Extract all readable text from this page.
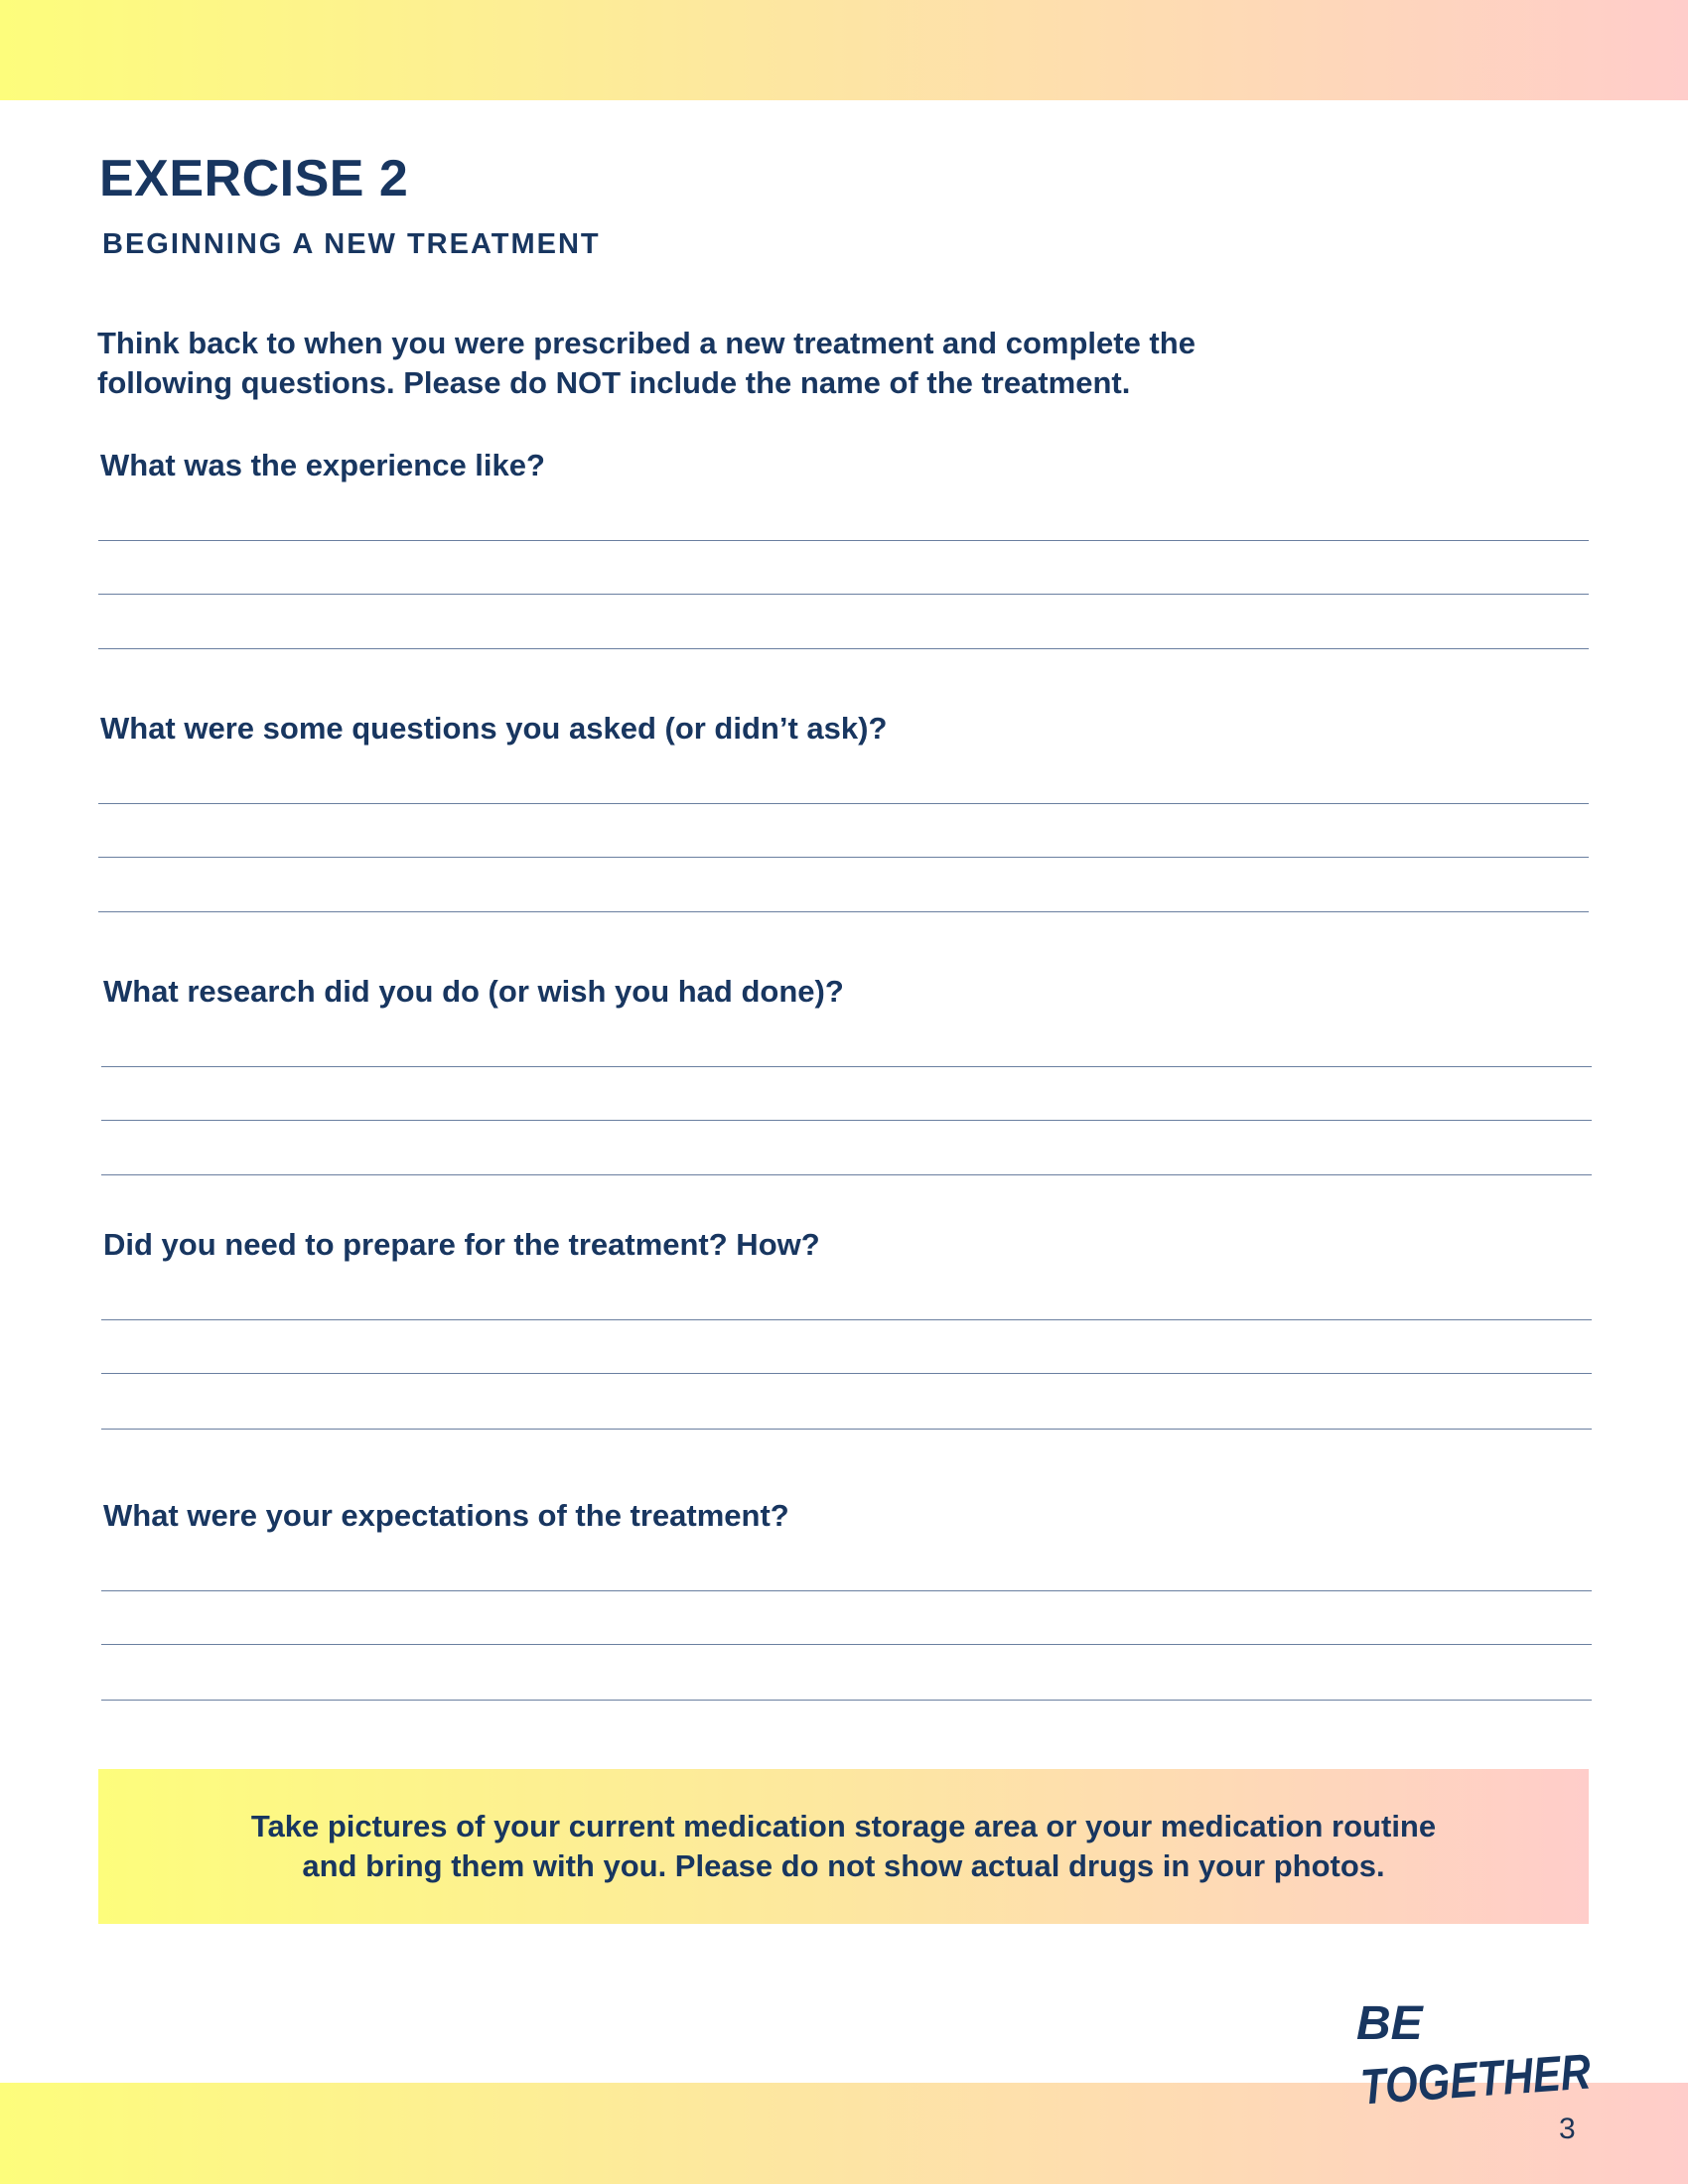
EXERCISE 2
BEGINNING A NEW TREATMENT

Think back to when you were prescribed a new treatment and complete the
following questions. Please do NOT include the name of the treatment.

What was the experience like?

What were some questions you asked (or didn’t ask)?

What research did you do (or wish you had done)?

Did you need to prepare for the treatment? How?

What were your expectations of the treatment?

Take pictures of your current medication storage area or your medication routine
and bring them with you. Please do not show actual drugs in your photos.
BE
TOGETHER
3
